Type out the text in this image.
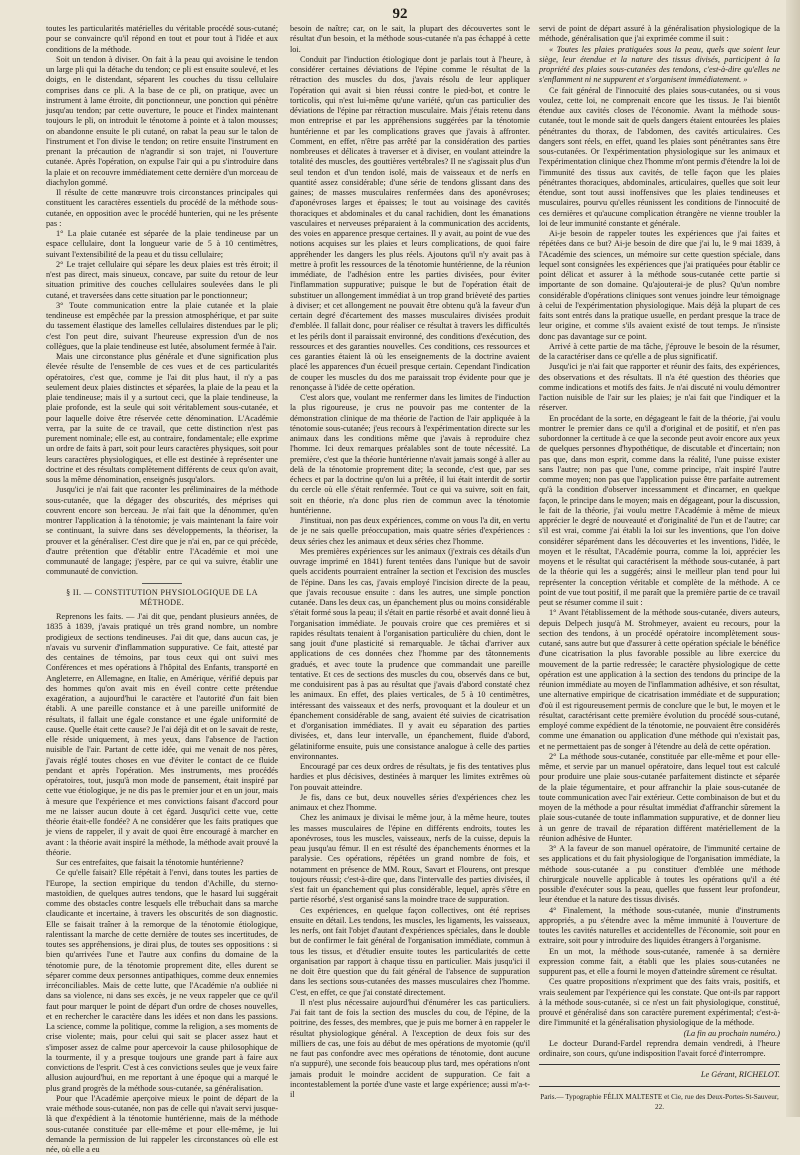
92

toutes les particularités matérielles du véritable procédé sous-cutané; pour se convaincre qu'il répond en tout et pour tout à l'idée et aux conditions de la méthode.

Soit un tendon à diviser. On fait à la peau qui avoisine le tendon un large pli qui la détache du tendon; ce pli est ensuite soulevé, et les doigts, en le distendant, séparent les couches du tissu cellulaire comprises dans ce pli. A la base de ce pli, on pratique, avec un instrument à lame étroite, dit ponctionneur, une ponction qui pénètre jusqu'au tendon; par cette ouverture, le pouce et l'index maintenant toujours le pli, on introduit le ténotome à pointe et à talon mousses; on abandonne ensuite le pli cutané, on rabat la peau sur le talon de l'instrument et l'on divise le tendon; on retire ensuite l'instrument en prenant la précaution de n'agrandir si son trajet, ni l'ouverture cutanée. Après l'opération, on expulse l'air qui a pu s'introduire dans la plaie et on recouvre immédiatement cette dernière d'un morceau de diachylon gommé.

Il résulte de cette manœuvre trois circonstances principales qui constituent les caractères essentiels du procédé de la méthode sous-cutanée, en opposition avec le procédé hunterien, qui ne les présente pas :

1° La plaie cutanée est séparée de la plaie tendineuse par un espace cellulaire, dont la longueur varie de 5 à 10 centimètres, suivant l'extensibilité de la peau et du tissu cellulaire;

2° Le trajet cellulaire qui sépare les deux plaies est très étroit; il n'est pas direct, mais sinueux, concave, par suite du retour de leur situation primitive des couches cellulaires soulevées dans le pli cutané, et traversées dans cette situation par le ponctionneur;

3° Toute communication entre la plaie cutanée et la plaie tendineuse est empêchée par la pression atmosphérique, et par suite du tassement élastique des lamelles cellulaires distendues par le pli; c'est l'on peut dire, suivant l'heureuse expression d'un de nos collègues, que la plaie tendineuse est lutée, absolument fermée à l'air.

Mais une circonstance plus générale et d'une signification plus élevée résulte de l'ensemble de ces vues et de ces particularités opératoires, c'est que, comme je l'ai dit plus haut, il n'y a pas seulement deux plaies distinctes et séparées, la plaie de la peau et la plaie tendineuse; mais il y a surtout ceci, que la plaie tendineuse, la plaie profonde, est la seule qui soit véritablement sous-cutanée, et pour laquelle doive être réservée cette dénomination. L'Académie verra, par la suite de ce travail, que cette distinction n'est pas purement nominale; elle est, au contraire, fondamentale; elle exprime un ordre de faits à part, soit pour leurs caractères physiques, soit pour leurs caractères physiologiques, et elle est destinée à représenter une doctrine et des résultats complètement différents de ceux qu'on avait, sous la même dénomination, enseignés jusqu'alors.

Jusqu'ici je n'ai fait que raconter les préliminaires de la méthode sous-cutanée, que la dégager des obscurités, des méprises qui couvrent encore son berceau. Je n'ai fait que la dénommer, qu'en montrer l'application à la ténotomie; je vais maintenant la faire voir se continuant, la suivre dans ses développements, la théoriser, la prouver et la généraliser. C'est dire que je n'ai en, par ce qui précède, d'autre prétention que d'établir entre l'Académie et moi une communauté de langage; j'espère, par ce qui va suivre, établir une communauté de conviction.

§ II. — CONSTITUTION PHYSIOLOGIQUE DE LA MÉTHODE.

Reprenons les faits. — J'ai dit que, pendant plusieurs années, de 1835 à 1839, j'avais pratiqué un très grand nombre, un nombre prodigieux de sections tendineuses. J'ai dit que, dans aucun cas, je n'avais vu survenir d'inflammation suppurative. Ce fait, attesté par des centaines de témoins, par tous ceux qui ont suivi mes Conférences et mes opérations à l'hôpital des Enfants, transporté en Angleterre, en Allemagne, en Italie, en Amérique, vérifié depuis par des hommes qu'on avait mis en éveil contre cette prétendue exagération, a aujourd'hui le caractère et l'autorité d'un fait bien établi. A une pareille constance et à une pareille uniformité de résultats, il fallait une égale constance et une égale uniformité de cause. Quelle était cette cause? Je l'ai déjà dit et on le savait de reste, elle réside uniquement, à mes yeux, dans l'absence de l'action nuisible de l'air. Partant de cette idée, qui me venait de nos pères, j'avais réglé toutes choses en vue d'éviter le contact de ce fluide pendant et après l'opération. Mes instruments, mes procédés opératoires, tout, jusqu'à mon mode de pansement, était inspiré par cette vue étiologique, je ne dis pas le premier jour et en un jour, mais à mesure que l'expérience et mes convictions faisant d'accord pour me ne laisser aucun doute à cet égard. Jusqu'ici cette vue, cette théorie était-elle fondée? A ne considérer que les faits pratiques que je viens de rappeler, il y avait de quoi être encouragé à marcher en avant : la théorie avait inspiré la méthode, la méthode avait prouvé la théorie.

Sur ces entrefaites, que faisait la ténotomie huntérienne?

Ce qu'elle faisait? Elle répétait à l'envi, dans toutes les parties de l'Europe, la section empirique du tendon d'Achille, du sterno-mastoïdien, de quelques autres tendons, que le hasard lui suggérait comme des obstacles contre lesquels elle trébuchait dans sa marche claudicante et incertaine, à travers les obscurités de son diagnostic. Elle se faisait traîner à la remorque de la ténotomie étiologique, ralentissant la marche de cette dernière de toutes ses incertitudes, de toutes ses appréhensions, je dirai plus, de toutes ses oppositions : si bien qu'arrivées l'une et l'autre aux confins du domaine de la ténotomie pure, de la ténotomie proprement dite, elles durent se séparer comme deux personnes antipathiques, comme deux ennemies irréconciliables. Mais de cette lutte, que l'Académie n'a oubliée ni dans sa violence, ni dans ses excès, je ne veux rappeler que ce qu'il faut pour marquer le point de départ d'un ordre de choses nouvelles, et en rechercher le caractère dans les idées et non dans les passions. La science, comme la politique, comme la religion, a ses moments de crise violente; mais, pour celui qui sait se placer assez haut et s'imposer assez de calme pour apercevoir la cause philosophique de la tourmente, il y a presque toujours une grande part à faire aux convictions de l'esprit. C'est à ces convictions seules que je veux faire allusion aujourd'hui, en me reportant à une époque qui a marqué le plus grand progrès de la méthode sous-cutanée, sa généralisation.

Pour que l'Académie aperçoive mieux le point de départ de la vraie méthode sous-cutanée, non pas de celle qui n'avait servi jusque-là que d'expédient à la ténotomie huntérienne, mais de la méthode sous-cutanée constituée par elle-même et pour elle-même, je lui demande la permission de lui rappeler les circonstances où elle est née, où elle a eu

besoin de naître; car, on le sait, la plupart des découvertes sont le résultat d'un besoin, et la méthode sous-cutanée n'a pas échappé à cette loi.

Conduit par l'induction étiologique dont je parlais tout à l'heure, à considérer certaines déviations de l'épine comme le résultat de la rétraction des muscles du dos, j'avais résolu de leur appliquer l'opération qui avait si bien réussi contre le pied-bot, et contre le torticolis, qui n'est lui-même qu'une variété, qu'un cas particulier des déviations de l'épine par rétraction musculaire. Mais j'étais retenu dans mon entreprise et par les appréhensions suggérées par la ténotomie huntérienne et par les complications graves que j'avais à affronter. Comment, en effet, n'être pas arrêté par la considération des parties nombreuses et délicates à traverser et à diviser, en voulant atteindre la totalité des muscles, des gouttières vertébrales? Il ne s'agissait plus d'un seul tendon et d'un tendon isolé, mais de vaisseaux et de nerfs en quantité assez considérable; d'une série de tendons glissant dans des gaines; de masses musculaires renfermées dans des aponévroses; d'aponévroses larges et épaisses; le tout au voisinage des cavités thoraciques et abdominales et du canal rachidien, dont les émanations vasculaires et nerveuses préparaient à la communication des accidents, des voies en apparence presque certaines. Il y avait, au point de vue des notions acquises sur les plaies et leurs complications, de quoi faire appréhender les dangers les plus réels. Ajoutons qu'il n'y avait pas à mettre à profit les ressources de la ténotomie huntérienne, de la réunion immédiate, de l'adhésion entre les parties divisées, pour éviter l'inflammation suppurative; puisque le but de l'opération était de substituer un allongement immédiat à un trop grand brièveté des parties à diviser; et cet allongement ne pouvait être obtenu qu'à la faveur d'un certain degré d'écartement des masses musculaires divisées produit d'emblée. Il fallait donc, pour réaliser ce résultat à travers les difficultés et les périls dont il paraissait environné, des conditions d'exécution, des ressources et des garanties nouvelles. Ces conditions, ces ressources et ces garanties étaient là où les enseignements de la doctrine avaient placé les apparences d'un écueil presque certain. Cependant l'indication de couper les muscles du dos me paraissait trop évidente pour que je renonçasse à l'idée de cette opération.

C'est alors que, voulant me renfermer dans les limites de l'induction la plus rigoureuse, je crus ne pouvoir pas me contenter de la démonstration clinique de ma théorie de l'action de l'air appliquée à la ténotomie sous-cutanée; j'eus recours à l'expérimentation directe sur les animaux dans les conditions même que j'avais à reproduire chez l'homme. Ici deux remarques préalables sont de toute nécessité. La première, c'est que la théorie huntérienne n'avait jamais songé à aller au delà de la ténotomie proprement dite; la seconde, c'est que, par ses échecs et par la doctrine qu'on lui a prêtée, il lui était interdit de sortir du cercle où elle s'était renfermée. Tout ce qui va suivre, soit en fait, soit en théorie, n'a donc plus rien de commun avec la ténotomie huntérienne.

J'instituai, non pas deux expériences, comme on vous l'a dit, en vertu de je ne sais quelle préoccupation, mais quatre séries d'expériences : deux séries chez les animaux et deux séries chez l'homme.

Mes premières expériences sur les animaux (j'extrais ces détails d'un ouvrage imprimé en 1841) furent tentées dans l'unique but de savoir quels accidents pourraient entraîner la section et l'excision des muscles de l'épine. Dans les cas, j'avais employé l'incision directe de la peau, que j'avais recousue ensuite : dans les autres, une simple ponction cutanée. Dans les deux cas, un épanchement plus ou moins considérable s'était formé sous la peau; il s'était en partie résorbé et avait donné lieu à l'organisation immédiate. Je pouvais croire que ces premières et si rapides résultats tenaient à l'organisation particulière du chien, dont le sang jouit d'une plasticité si remarquable. Je tâchai d'arriver aux applications de ces données chez l'homme par des tâtonnements gradués, et avec toute la prudence que commandait une pareille tentative. Et ces de sections des muscles du cou, observés dans ce but, me conduisirent pas à pas au résultat que j'avais d'abord constaté chez les animaux. En effet, des plaies verticales, de 5 à 10 centimètres, intéressant des vaisseaux et des nerfs, provoquant et la douleur et un épanchement considérable de sang, avaient été suivies de cicatrisation et d'organisation immédiates. Il y avait eu séparation des parties divisées, et, dans leur intervalle, un épanchement, fluide d'abord, gélatiniforme ensuite, puis une consistance analogue à celle des parties environnantes.

Encouragé par ces deux ordres de résultats, je fis des tentatives plus hardies et plus décisives, destinées à marquer les limites extrêmes où l'on pouvait atteindre.

Je fis, dans ce but, deux nouvelles séries d'expériences chez les animaux et chez l'homme.

Chez les animaux je divisai le même jour, à la même heure, toutes les masses musculaires de l'épine en différents endroits, toutes les aponévroses, tous les muscles, vaisseaux, nerfs de la cuisse, depuis la peau jusqu'au fémur. Il en est résulté des épanchements énormes et la paralysie. Ces opérations, répétées un grand nombre de fois, et notamment en présence de MM. Roux, Savart et Flourens, ont presque toujours réussi; c'est-à-dire que, dans l'intervalle des parties divisées, il s'est fait un épanchement qui plus considérable, lequel, après s'être en partie résorbé, s'est organisé sans la moindre trace de suppuration.

Ces expériences, en quelque façon collectives, ont été reprises ensuite en détail. Les tendons, les muscles, les ligaments, les vaisseaux, les nerfs, ont fait l'objet d'autant d'expériences spéciales, dans le double but de confirmer le fait général de l'organisation immédiate, commun à tous les tissus, et d'étudier ensuite toutes les particularités de cette organisation par rapport à chaque tissu en particulier. Mais jusqu'ici il ne doit être question que du fait général de l'absence de suppuration dans les sections sous-cutanées des masses musculaires chez l'homme. C'est, en effet, ce que j'ai constaté directement.

Il n'est plus nécessaire aujourd'hui d'énumérer les cas particuliers. J'ai fait tant de fois la section des muscles du cou, de l'épine, de la poitrine, des fesses, des membres, que je puis me borner à en rappeler le résultat physiologique général. A l'exception de deux fois sur des milliers de cas, une fois au début de mes opérations de myotomie (qu'il ne faut pas confondre avec mes opérations de ténotomie, dont aucune n'a suppuré), une seconde fois beaucoup plus tard, mes opérations n'ont jamais produit le moindre accident de suppuration. Ce fait a incontestablement la portée d'une vaste et large expérience; aussi m'a-t-il

servi de point de départ assuré à la généralisation physiologique de la méthode, généralisation que j'ai exprimée comme il suit :

« Toutes les plaies pratiquées sous la peau, quels que soient leur siège, leur étendue et la nature des tissus divisés, participent à la propriété des plaies sous-cutanées des tendons, c'est-à-dire qu'elles ne s'enflamment ni ne suppurent et s'organisent immédiatement. »

Ce fait général de l'innocuité des plaies sous-cutanées, ou si vous voulez, cette loi, ne comprenait encore que les tissus. Je l'ai bientôt étendue aux cavités closes de l'économie. Avant la méthode sous-cutanée, tout le monde sait de quels dangers étaient entourées les plaies pénétrantes du thorax, de l'abdomen, des cavités articulaires. Ces dangers sont réels, en effet, quand les plaies sont pénétrantes sans être sous-cutanées. Or l'expérimentation physiologique sur les animaux et l'expérimentation clinique chez l'homme m'ont permis d'étendre la loi de l'immunité des tissus aux cavités, de telle façon que les plaies pénétrantes thoraciques, abdominales, articulaires, quelles que soit leur étendue, sont tout aussi inoffensives que les plaies tendineuses et musculaires, pourvu qu'elles réunissent les conditions de l'innocuité de ces dernières et qu'aucune complication étrangère ne vienne troubler la loi de leur immunité constante et générale.

Ai-je besoin de rappeler toutes les expériences que j'ai faites et répétées dans ce but? Ai-je besoin de dire que j'ai lu, le 9 mai 1839, à l'Académie des sciences, un mémoire sur cette question spéciale, dans lequel sont consignées les expériences que j'ai pratiquées pour établir ce point délicat et assurer à la méthode sous-cutanée cette partie si importante de son domaine. Qu'ajouterai-je de plus? Qu'un nombre considérable d'opérations cliniques sont venues joindre leur témoignage à celui de l'expérimentation physiologique. Mais déjà la plupart de ces faits sont entrés dans la pratique usuelle, en perdant presque la trace de leur origine, et comme s'ils avaient existé de tout temps. Je n'insiste donc pas davantage sur ce point.

Arrivé à cette partie de ma tâche, j'éprouve le besoin de la résumer, de la caractériser dans ce qu'elle a de plus significatif.

Jusqu'ici je n'ai fait que rapporter et réunir des faits, des expériences, des observations et des résultats. Il n'a été question des théories que comme indications et motifs des faits. Je n'ai discuté ni voulu démontrer l'action nuisible de l'air sur les plaies; je n'ai fait que l'indiquer et la réserver.

En procédant de la sorte, en dégageant le fait de la théorie, j'ai voulu montrer le premier dans ce qu'il a d'original et de positif, et n'en pas subordonner la certitude à ce que la seconde peut avoir encore aux yeux de quelques personnes d'hypothétique, de discutable et d'incertain; non pas que, dans mon esprit, comme dans la réalité, l'une puisse exister sans l'autre; non pas que l'une, comme principe, n'ait inspiré l'autre comme moyen; non pas que l'application puisse être parfaite autrement qu'à la condition d'observer incessamment et d'incarner, en quelque façon, le principe dans le moyen; mais en dégageant, pour la discussion, le fait de la théorie, j'ai voulu mettre l'Académie à même de mieux apprécier le degré de nouveauté et d'originalité de l'un et de l'autre; car s'il est vrai, comme j'ai établi la loi sur les inventions, que l'on doive considérer séparément dans les découvertes et les inventions, l'idée, le moyen et le résultat, l'Académie pourra, comme la loi, apprécier les moyens et le résultat qui caractérisent la méthode sous-cutanée, à part de la théorie qui les a suggérés; ainsi le meilleur plan tend pour lui représenter la conception véritable et complète de la méthode. A ce point de vue tout positif, il me paraît que la première partie de ce travail peut se résumer comme il suit :

1° Avant l'établissement de la méthode sous-cutanée, divers auteurs, depuis Delpech jusqu'à M. Strohmeyer, avaient eu recours, pour la section des tendons, à un procédé opératoire incomplètement sous-cutané, sans autre but que d'assurer à cette opération spéciale le bénéfice d'une cicatrisation la plus favorable possible au libre exercice du mouvement de la partie redressée; le caractère physiologique de cette opération est une application à la section des tendons du principe de la réunion immédiate au moyen de l'inflammation adhésive, et son résultat, une alternative empirique de cicatrisation immédiate et de suppuration; d'où il est rigoureusement permis de conclure que le but, le moyen et le résultat, caractérisant cette première évolution du procédé sous-cutané, employé comme expédient de la ténotomie, ne pouvaient être considérés comme une émanation ou application d'une méthode qui n'existait pas, et ne permettaient pas de songer à l'étendre au delà de cette opération.

2° La méthode sous-cutanée, constituée par elle-même et pour elle-même, et servie par un manuel opératoire, dans lequel tout est calculé pour produire une plaie sous-cutanée parfaitement distincte et séparée de la plaie tégumentaire, et pour affranchir la plaie sous-cutanée de toute communication avec l'air extérieur. Cette combinaison de but et du moyen de la méthode a pour résultat immédiat d'affranchir sûrement la plaie sous-cutanée de toute inflammation suppurative, et de donner lieu à un genre de travail de réparation différent matériellement de la réunion adhésive de Hunter.

3° A la faveur de son manuel opératoire, de l'immunité certaine de ses applications et du fait physiologique de l'organisation immédiate, la méthode sous-cutanée a pu constituer d'emblée une méthode chirurgicale nouvelle applicable à toutes les opérations qu'il a été possible d'exécuter sous la peau, quelles que fussent leur profondeur, leur étendue et la nature des tissus divisés.

4° Finalement, la méthode sous-cutanée, munie d'instruments appropriés, a pu s'étendre avec la même immunité à l'ouverture de toutes les cavités naturelles et accidentelles de l'économie, soit pour en extraire, soit pour y introduire des liquides étrangers à l'organisme.

En un mot, la méthode sous-cutanée, ramenée à sa dernière expression comme fait, a établi que les plaies sous-cutanées ne suppurent pas, et elle a fourni le moyen d'atteindre sûrement ce résultat.

Ces quatre propositions n'expriment que des faits vrais, positifs, et vrais seulement par l'expérience qui les constate. Que ont-ils par rapport à la méthode sous-cutanée, si ce n'est un fait physiologique, constitué, prouvé et généralisé dans son caractère purement expérimental; c'est-à-dire l'immunité et la généralisation physiologique de la méthode.

(La fin au prochain numéro.)

Le docteur Durand-Fardel reprendra demain vendredi, à l'heure ordinaire, son cours, qu'une indisposition l'avait forcé d'interrompre.

Le Gérant, RICHELOT.
Paris.— Typographie FÉLIX MALTESTE et Cie, rue des Deux-Portes-St-Sauveur, 22.
